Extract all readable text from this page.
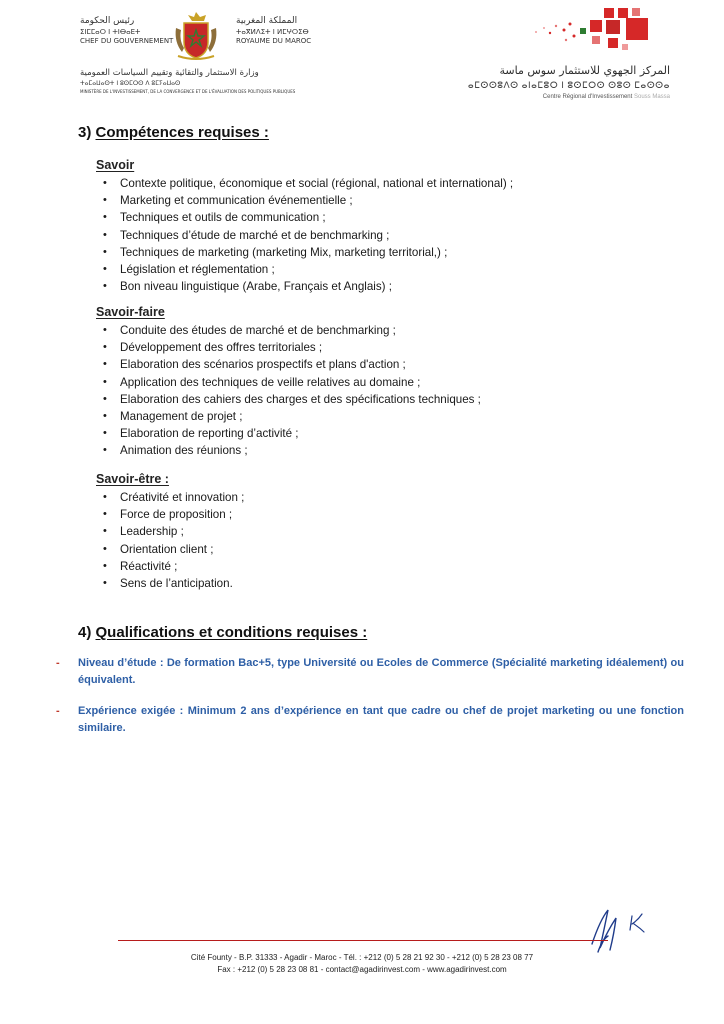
رئيس الحكومة
ⵉⵏⵎⵎⴰⵔ ⵏ ⵜⵏⴱⴰⴹⵜ
CHEF DU GOUVERNEMENT
المملكة المغربية
ⵜⴰⴳⵍⴷⵉⵜ ⵏ ⵍⵎⵖⵔⵉⴱ
ROYAUME DU MAROC
وزارة الاستثمار والتقائية وتقييم السياسات العمومية
ⵜⴰⵎⴰⵡⴰⵙⵜ ⵏ ⵓⵙⵎⵔⵙ ⴷ ⵓⵎⵢⴰⵡⴰⵙ
MINISTÈRE DE L'INVESTISSEMENT, DE LA CONVERGENCE ET DE L'ÉVALUATION DES POLITIQUES PUBLIQUES
المركز الجهوي للاستثمار سوس ماسة
ⴰⵎⵙⵙⵓⴷⵙ ⴰⵏⴰⵎⵓⵔ ⵏ ⵓⵙⵎⵔⵙ ⵙⵓⵙ ⵎⴰⵙⵙⴰ
Centre Régional d'Investissement Souss Massa
3) Compétences requises :
Savoir
• Contexte politique, économique et social (régional, national et international) ;
• Marketing et communication événementielle ;
• Techniques et outils de communication ;
• Techniques d’étude de marché et de benchmarking ;
• Techniques de marketing (marketing Mix, marketing territorial,) ;
• Législation et réglementation ;
• Bon niveau linguistique (Arabe, Français et Anglais) ;
Savoir-faire
• Conduite des études de marché et de benchmarking ;
• Développement des offres territoriales ;
• Elaboration des scénarios prospectifs et plans d'action ;
• Application des techniques de veille relatives au domaine ;
• Elaboration des cahiers des charges et des spécifications techniques ;
• Management de projet ;
• Elaboration de reporting d’activité ;
• Animation des réunions ;
Savoir-être :
• Créativité et innovation ;
• Force de proposition ;
• Leadership ;
• Orientation client ;
• Réactivité ;
• Sens de l’anticipation.
4) Qualifications et conditions requises :
-	Niveau d’étude : De formation Bac+5, type Université ou Ecoles de Commerce (Spécialité marketing idéalement) ou équivalent.
-	Expérience exigée : Minimum 2 ans d’expérience en tant que cadre ou chef de projet marketing ou une fonction similaire.
Cité Founty - B.P. 31333 - Agadir - Maroc - Tél. : +212 (0) 5 28 21 92 30 - +212 (0) 5 28 23 08 77
Fax : +212 (0) 5 28 23 08 81 - contact@agadirinvest.com - www.agadirinvest.com
